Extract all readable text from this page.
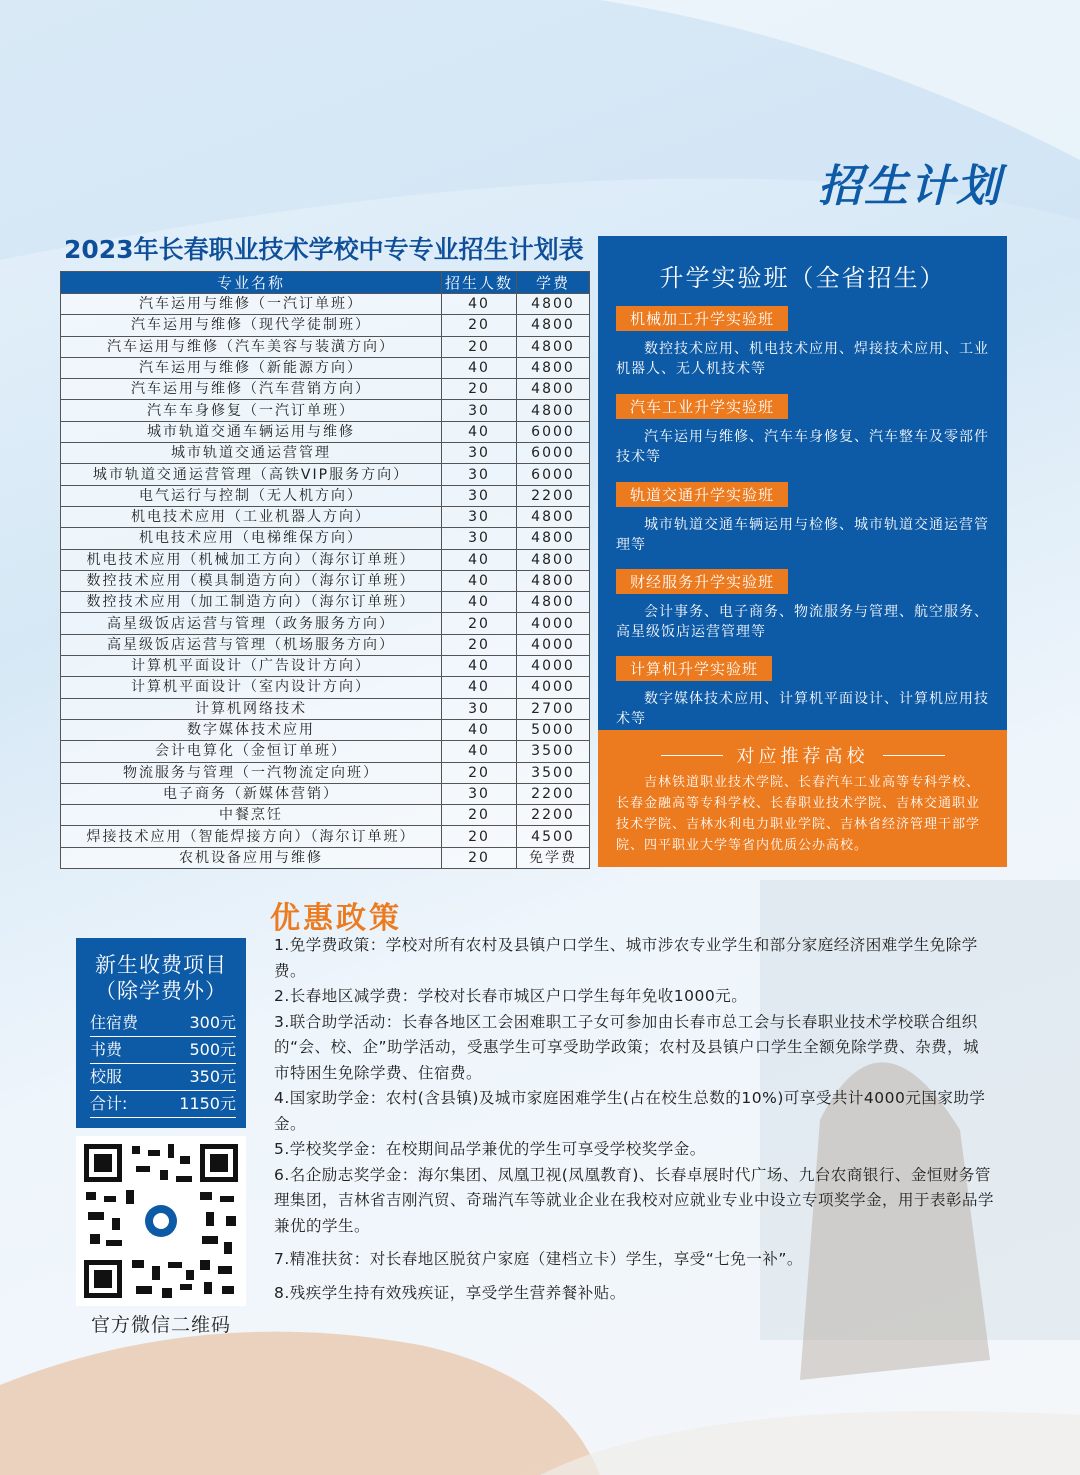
招生计划
2023年长春职业技术学校中专专业招生计划表
专业名称	招生人数	学费
汽车运用与维修（一汽订单班）	40	4800
汽车运用与维修（现代学徒制班）	20	4800
汽车运用与维修（汽车美容与装潢方向）	20	4800
汽车运用与维修（新能源方向）	40	4800
汽车运用与维修（汽车营销方向）	20	4800
汽车车身修复（一汽订单班）	30	4800
城市轨道交通车辆运用与维修	40	6000
城市轨道交通运营管理	30	6000
城市轨道交通运营管理（高铁VIP服务方向）	30	6000
电气运行与控制（无人机方向）	30	2200
机电技术应用（工业机器人方向）	30	4800
机电技术应用（电梯维保方向）	30	4800
机电技术应用（机械加工方向）（海尔订单班）	40	4800
数控技术应用（模具制造方向）（海尔订单班）	40	4800
数控技术应用（加工制造方向）（海尔订单班）	40	4800
高星级饭店运营与管理（政务服务方向）	20	4000
高星级饭店运营与管理（机场服务方向）	20	4000
计算机平面设计（广告设计方向）	40	4000
计算机平面设计（室内设计方向）	40	4000
计算机网络技术	30	2700
数字媒体技术应用	40	5000
会计电算化（金恒订单班）	40	3500
物流服务与管理（一汽物流定向班）	20	3500
电子商务（新媒体营销）	30	2200
中餐烹饪	20	2200
焊接技术应用（智能焊接方向）（海尔订单班）	20	4500
农机设备应用与维修	20	免学费
升学实验班（全省招生）
机械加工升学实验班
数控技术应用、机电技术应用、焊接技术应用、工业机器人、无人机技术等
汽车工业升学实验班
汽车运用与维修、汽车车身修复、汽车整车及零部件技术等
轨道交通升学实验班
城市轨道交通车辆运用与检修、城市轨道交通运营管理等
财经服务升学实验班
会计事务、电子商务、物流服务与管理、航空服务、高星级饭店运营管理等
计算机升学实验班
数字媒体技术应用、计算机平面设计、计算机应用技术等
对应推荐高校
吉林铁道职业技术学院、长春汽车工业高等专科学校、长春金融高等专科学校、长春职业技术学院、吉林交通职业技术学院、吉林水利电力职业学院、吉林省经济管理干部学院、四平职业大学等省内优质公办高校。
优惠政策
1.免学费政策：学校对所有农村及县镇户口学生、城市涉农专业学生和部分家庭经济困难学生免除学费。
2.长春地区减学费：学校对长春市城区户口学生每年免收1000元。
3.联合助学活动：长春各地区工会困难职工子女可参加由长春市总工会与长春职业技术学校联合组织的“会、校、企”助学活动，受惠学生可享受助学政策；农村及县镇户口学生全额免除学费、杂费，城市特困生免除学费、住宿费。
4.国家助学金：农村(含县镇)及城市家庭困难学生(占在校生总数的10%)可享受共计4000元国家助学金。
5.学校奖学金：在校期间品学兼优的学生可享受学校奖学金。
6.名企励志奖学金：海尔集团、凤凰卫视(凤凰教育)、长春卓展时代广场、九台农商银行、金恒财务管理集团，吉林省吉刚汽贸、奇瑞汽车等就业企业在我校对应就业专业中设立专项奖学金，用于表彰品学兼优的学生。
7.精准扶贫：对长春地区脱贫户家庭（建档立卡）学生，享受“七免一补”。
8.残疾学生持有效残疾证，享受学生营养餐补贴。
新生收费项目
（除学费外）
住宿费	300元
书费	500元
校服	350元
合计:	1150元
官方微信二维码
